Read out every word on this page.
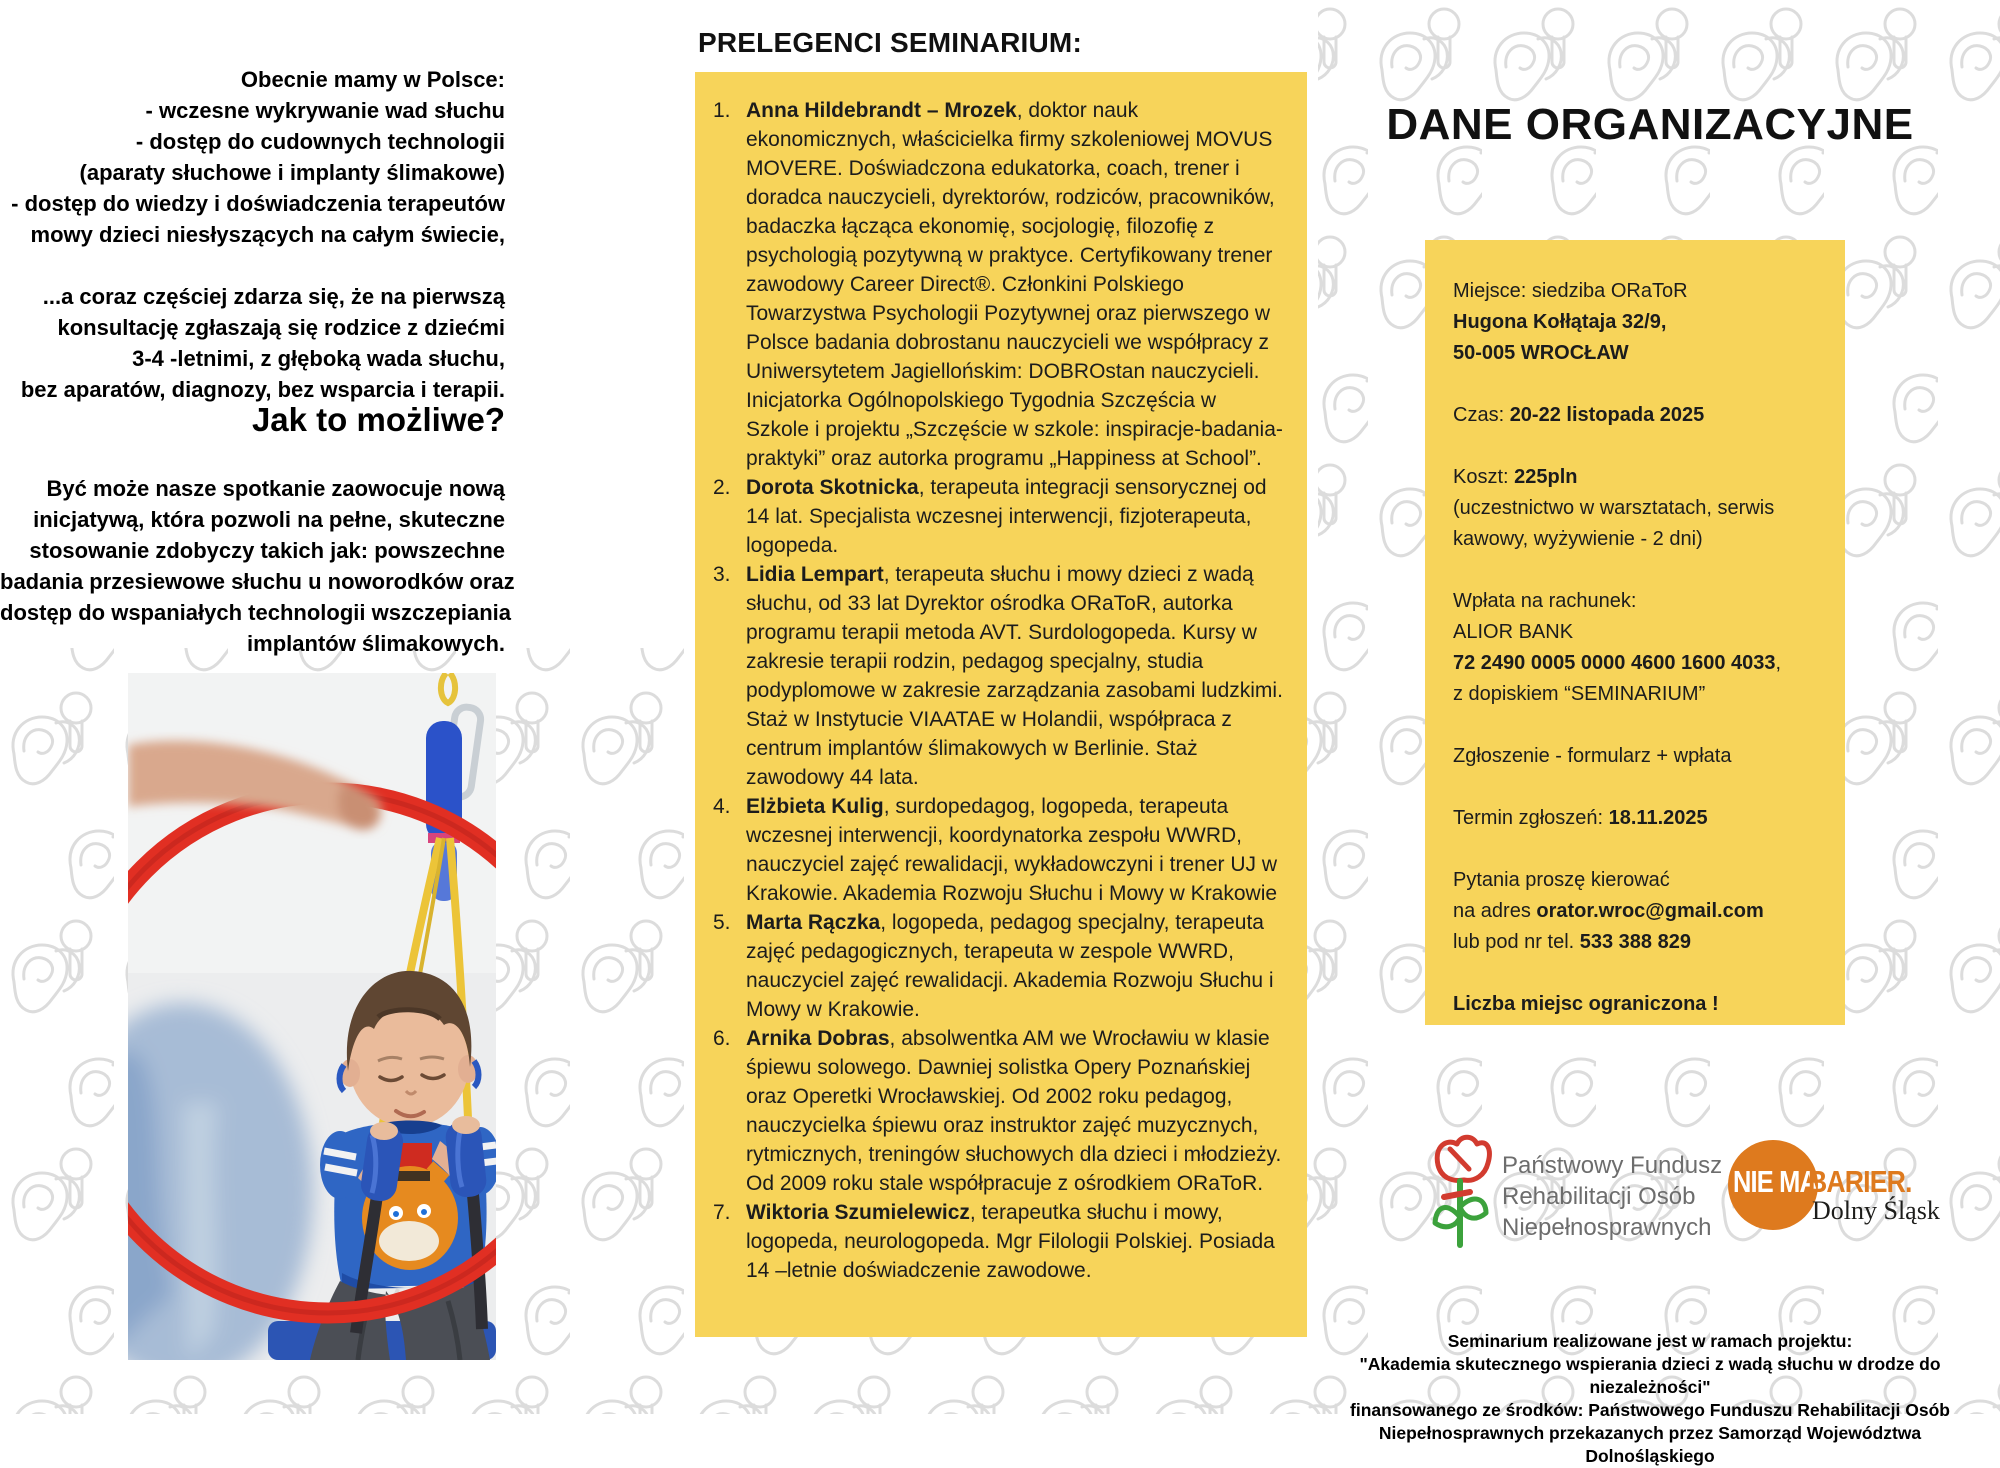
Obecnie mamy w Polsce:
- wczesne wykrywanie wad słuchu
- dostęp do cudownych technologii
(aparaty słuchowe i implanty ślimakowe)
- dostęp do wiedzy i doświadczenia terapeutów
mowy dzieci niesłyszących na całym świecie,
...a coraz częściej zdarza się, że na pierwszą
konsultację zgłaszają się rodzice z dziećmi
3-4 -letnimi, z głęboką wada słuchu,
bez aparatów, diagnozy, bez wsparcia i terapii.
Jak to możliwe?
Być może nasze spotkanie zaowocuje nową
inicjatywą, która pozwoli na pełne, skuteczne
stosowanie zdobyczy takich jak: powszechne
badania przesiewowe słuchu u noworodków oraz
dostęp do wspaniałych technologii wszczepiania
implantów ślimakowych.
PRELEGENCI SEMINARIUM:
1. Anna Hildebrandt – Mrozek, doktor nauk ekonomicznych, właścicielka firmy szkoleniowej MOVUS MOVERE. Doświadczona edukatorka, coach, trener i doradca nauczycieli, dyrektorów, rodziców, pracowników, badaczka łącząca ekonomię, socjologię, filozofię z psychologią pozytywną w praktyce. Certyfikowany trener zawodowy Career Direct®. Członkini Polskiego Towarzystwa Psychologii Pozytywnej oraz pierwszego w Polsce badania dobrostanu nauczycieli we współpracy z Uniwersytetem Jagiellońskim: DOBROstan nauczycieli. Inicjatorka Ogólnopolskiego Tygodnia Szczęścia w Szkole i projektu „Szczęście w szkole: inspiracje-badania-praktyki” oraz autorka programu „Happiness at School”.
2. Dorota Skotnicka, terapeuta integracji sensorycznej od 14 lat. Specjalista wczesnej interwencji, fizjoterapeuta, logopeda.
3. Lidia Lempart, terapeuta słuchu i mowy dzieci z wadą słuchu, od 33 lat Dyrektor ośrodka ORaToR, autorka programu terapii metoda AVT. Surdologopeda. Kursy w zakresie terapii rodzin, pedagog specjalny, studia podyplomowe w zakresie zarządzania zasobami ludzkimi. Staż w Instytucie VIAATAE w Holandii, współpraca z centrum implantów ślimakowych w Berlinie. Staż zawodowy 44 lata.
4. Elżbieta Kulig, surdopedagog, logopeda, terapeuta wczesnej interwencji, koordynatorka zespołu WWRD, nauczyciel zajęć rewalidacji, wykładowczyni i trener UJ w Krakowie. Akademia Rozwoju Słuchu i Mowy w Krakowie
5. Marta Rączka, logopeda, pedagog specjalny, terapeuta zajęć pedagogicznych, terapeuta w zespole WWRD, nauczyciel zajęć rewalidacji. Akademia Rozwoju Słuchu i Mowy w Krakowie.
6. Arnika Dobras, absolwentka AM we Wrocławiu w klasie śpiewu solowego. Dawniej solistka Opery Poznańskiej oraz Operetki Wrocławskiej. Od 2002 roku pedagog, nauczycielka śpiewu oraz instruktor zajęć muzycznych, rytmicznych, treningów słuchowych dla dzieci i młodzieży. Od 2009 roku stale współpracuje z ośrodkiem ORaToR.
7. Wiktoria Szumielewicz, terapeutka słuchu i mowy, logopeda, neurologopeda. Mgr Filologii Polskiej. Posiada 14 –letnie doświadczenie zawodowe.
DANE ORGANIZACYJNE
Miejsce: siedziba ORaToR
Hugona Kołłątaja 32/9,
50-005 WROCŁAW
Czas: 20-22 listopada 2025
Koszt: 225pln
(uczestnictwo w warsztatach, serwis
kawowy, wyżywienie - 2 dni)
Wpłata na rachunek:
ALIOR BANK
72 2490 0005 0000 4600 1600 4033,
z dopiskiem “SEMINARIUM”
Zgłoszenie - formularz + wpłata
Termin zgłoszeń: 18.11.2025
Pytania proszę kierować
na adres orator.wroc@gmail.com
lub pod nr tel. 533 388 829
Liczba miejsc ograniczona !
Państwowy Fundusz
Rehabilitacji Osób
Niepełnosprawnych
NIE MA
BARIER.
Dolny Śląsk
Seminarium realizowane jest w ramach projektu:
"Akademia skutecznego wspierania dzieci z wadą słuchu w drodze do niezależności"
finansowanego ze środków: Państwowego Funduszu Rehabilitacji Osób
Niepełnosprawnych przekazanych przez Samorząd Województwa Dolnośląskiego
